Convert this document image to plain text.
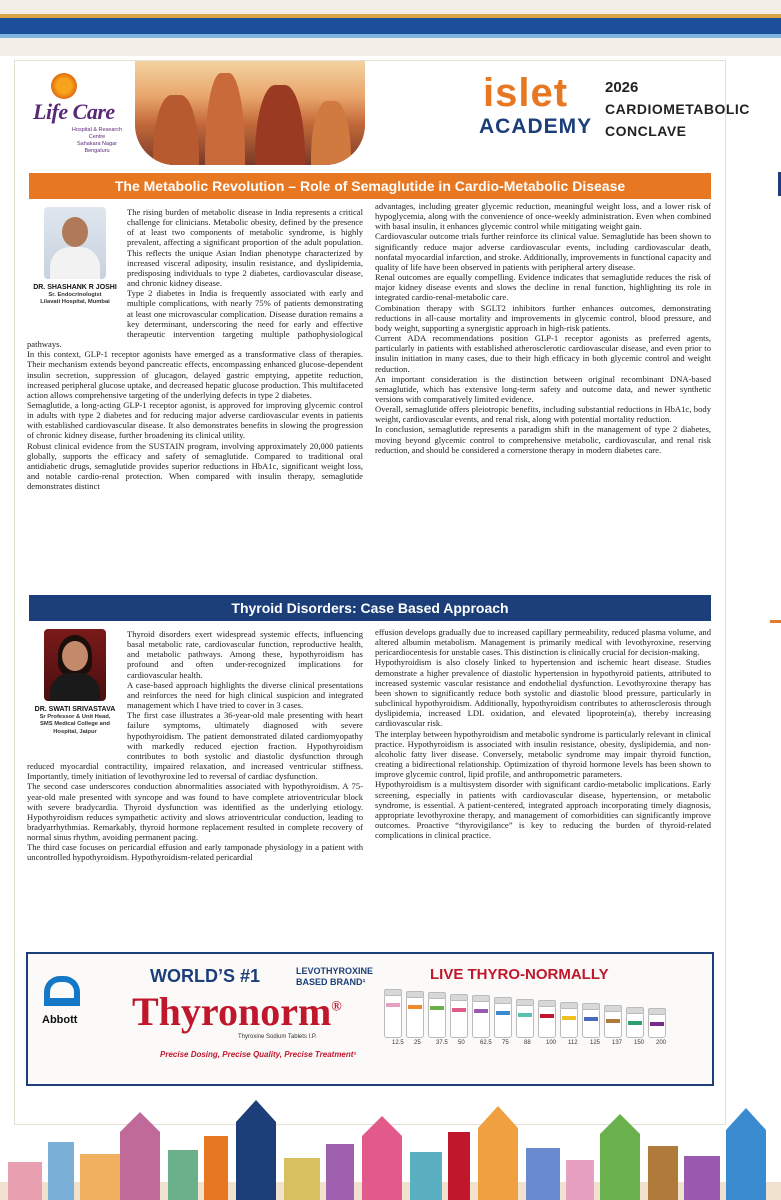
Life Care
Hospital & Research Centre
Sahakara Nagar
Bengaluru
islet
ACADEMY
2026
CARDIOMETABOLIC
CONCLAVE
The Metabolic Revolution – Role of Semaglutide in Cardio-Metabolic Disease
DR. SHASHANK R JOSHI
Sr. Endocrinologist
Lilavati Hospital, Mumbai

The rising burden of metabolic disease in India represents a critical challenge for clinicians. Metabolic obesity, defined by the presence of at least two components of metabolic syndrome, is highly prevalent, affecting a significant proportion of the adult population. This reflects the unique Asian Indian phenotype characterized by increased visceral adiposity, insulin resistance, and dyslipidemia, predisposing individuals to type 2 diabetes, cardiovascular disease, and chronic kidney disease.

Type 2 diabetes in India is frequently associated with early and multiple complications, with nearly 75% of patients demonstrating at least one microvascular complication. Disease duration remains a key determinant, underscoring the need for early and effective therapeutic intervention targeting multiple pathophysiological pathways.

In this context, GLP-1 receptor agonists have emerged as a transformative class of therapies. Their mechanism extends beyond pancreatic effects, encompassing enhanced glucose-dependent insulin secretion, suppression of glucagon, delayed gastric emptying, appetite reduction, increased peripheral glucose uptake, and decreased hepatic glucose production. This multifaceted action allows comprehensive targeting of the underlying defects in type 2 diabetes.

Semaglutide, a long-acting GLP-1 receptor agonist, is approved for improving glycemic control in adults with type 2 diabetes and for reducing major adverse cardiovascular events in patients with established cardiovascular disease. It also demonstrates benefits in slowing the progression of chronic kidney disease, further broadening its clinical utility.

Robust clinical evidence from the SUSTAIN program, involving approximately 20,000 patients globally, supports the efficacy and safety of semaglutide. Compared to traditional oral antidiabetic drugs, semaglutide provides superior reductions in HbA1c, significant weight loss, and notable cardio-renal protection. When compared with insulin therapy, semaglutide demonstrates distinct

advantages, including greater glycemic reduction, meaningful weight loss, and a lower risk of hypoglycemia, along with the convenience of once-weekly administration. Even when combined with basal insulin, it enhances glycemic control while mitigating weight gain.

Cardiovascular outcome trials further reinforce its clinical value. Semaglutide has been shown to significantly reduce major adverse cardiovascular events, including cardiovascular death, nonfatal myocardial infarction, and stroke. Additionally, improvements in functional capacity and quality of life have been observed in patients with peripheral artery disease.

Renal outcomes are equally compelling. Evidence indicates that semaglutide reduces the risk of major kidney disease events and slows the decline in renal function, highlighting its role in integrated cardio-renal-metabolic care.

Combination therapy with SGLT2 inhibitors further enhances outcomes, demonstrating reductions in all-cause mortality and improvements in glycemic control, blood pressure, and body weight, supporting a synergistic approach in high-risk patients.

Current ADA recommendations position GLP-1 receptor agonists as preferred agents, particularly in patients with established atherosclerotic cardiovascular disease, and even prior to insulin initiation in many cases, due to their high efficacy in both glycemic control and weight reduction.

An important consideration is the distinction between original recombinant DNA-based semaglutide, which has extensive long-term safety and outcome data, and newer synthetic versions with comparatively limited evidence.

Overall, semaglutide offers pleiotropic benefits, including substantial reductions in HbA1c, body weight, cardiovascular events, and renal risk, along with potential mortality reduction.

In conclusion, semaglutide represents a paradigm shift in the management of type 2 diabetes, moving beyond glycemic control to comprehensive metabolic, cardiovascular, and renal risk reduction, and should be considered a cornerstone therapy in modern diabetes care.

Thyroid Disorders: Case Based Approach
DR. SWATI SRIVASTAVA
Sr Professor & Unit Head,
SMS Medical College and
Hospital, Jaipur

Thyroid disorders exert widespread systemic effects, influencing basal metabolic rate, cardiovascular function, reproductive health, and metabolic pathways. Among these, hypothyroidism has profound and often under-recognized implications for cardiovascular health.

A case-based approach highlights the diverse clinical presentations and reinforces the need for high clinical suspicion and integrated management which I have tried to cover in 3 cases.

The first case illustrates a 36-year-old male presenting with heart failure symptoms, ultimately diagnosed with severe hypothyroidism. The patient demonstrated dilated cardiomyopathy with markedly reduced ejection fraction. Hypothyroidism contributes to both systolic and diastolic dysfunction through reduced myocardial contractility, impaired relaxation, and increased ventricular stiffness. Importantly, timely initiation of levothyroxine led to reversal of cardiac dysfunction.

The second case underscores conduction abnormalities associated with hypothyroidism. A 75-year-old male presented with syncope and was found to have complete atrioventricular block with severe bradycardia. Thyroid dysfunction was identified as the underlying etiology. Hypothyroidism reduces sympathetic activity and slows atrioventricular conduction, leading to bradyarrhythmias. Remarkably, thyroid hormone replacement resulted in complete recovery of normal sinus rhythm, avoiding permanent pacing.

The third case focuses on pericardial effusion and early tamponade physiology in a patient with uncontrolled hypothyroidism. Hypothyroidism-related pericardial

effusion develops gradually due to increased capillary permeability, reduced plasma volume, and altered albumin metabolism. Management is primarily medical with levothyroxine, reserving pericardiocentesis for unstable cases. This distinction is clinically crucial for decision-making.

Hypothyroidism is also closely linked to hypertension and ischemic heart disease. Studies demonstrate a higher prevalence of diastolic hypertension in hypothyroid patients, attributed to increased systemic vascular resistance and endothelial dysfunction. Levothyroxine therapy has been shown to significantly reduce both systolic and diastolic blood pressure, particularly in subclinical hypothyroidism. Additionally, hypothyroidism contributes to atherosclerosis through dyslipidemia, increased LDL oxidation, and elevated lipoprotein(a), thereby increasing cardiovascular risk.

The interplay between hypothyroidism and metabolic syndrome is particularly relevant in clinical practice. Hypothyroidism is associated with insulin resistance, obesity, dyslipidemia, and non-alcoholic fatty liver disease. Conversely, metabolic syndrome may impair thyroid function, creating a bidirectional relationship. Optimization of thyroid hormone levels has been shown to improve glycemic control, lipid profile, and anthropometric parameters.

Hypothyroidism is a multisystem disorder with significant cardio-metabolic implications. Early screening, especially in patients with cardiovascular disease, hypertension, or metabolic syndrome, is essential. A patient-centered, integrated approach incorporating timely diagnosis, appropriate levothyroxine therapy, and management of comorbidities can significantly improve outcomes. Proactive “thyrovigilance” is key to reducing the burden of thyroid-related complications in clinical practice.

Abbott
WORLD’S #1	LEVOTHYROXINE
BASED BRAND¹
Thyronorm®
Thyroxine Sodium Tablets I.P.
Precise Dosing, Precise Quality, Precise Treatment¹
LIVE THYRO-NORMALLY
12.5 25	37.5 50	62.5 75	88	100 112 125 137 150 200
